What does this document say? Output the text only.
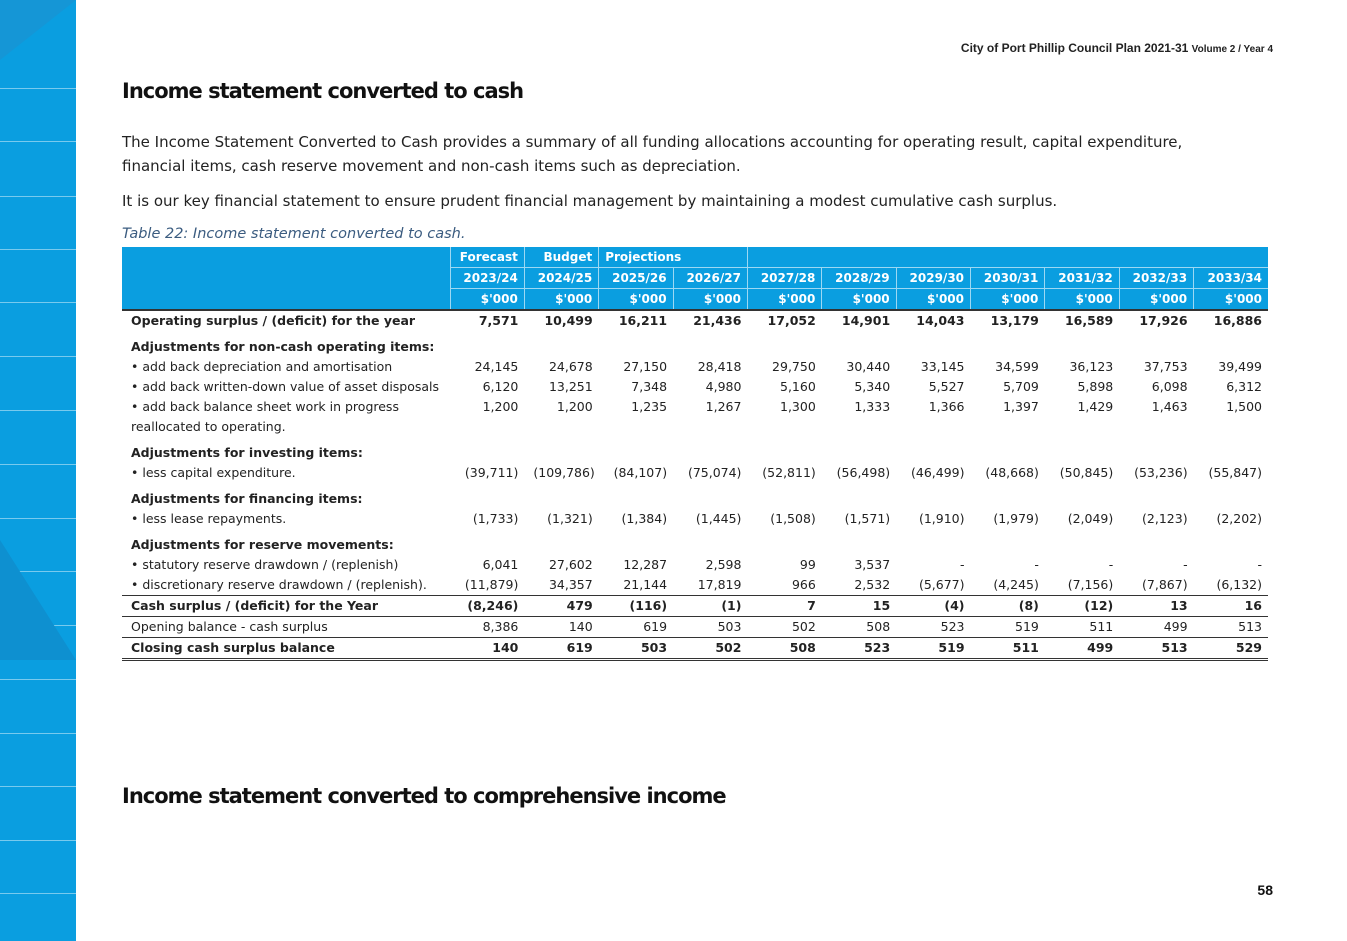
City of Port Phillip Council Plan 2021-31 Volume 2 / Year 4
Income statement converted to cash

The Income Statement Converted to Cash provides a summary of all funding allocations accounting for operating result, capital expenditure, financial items, cash reserve movement and non-cash items such as depreciation.

It is our key financial statement to ensure prudent financial management by maintaining a modest cumulative cash surplus.

Table 22: Income statement converted to cash.
	Forecast	Budget	Projections								
	2023/24	2024/25	2025/26	2026/27	2027/28	2028/29	2029/30	2030/31	2031/32	2032/33	2033/34
	$'000	$'000	$'000	$'000	$'000	$'000	$'000	$'000	$'000	$'000	$'000
Operating surplus / (deficit) for the year	7,571	10,499	16,211	21,436	17,052	14,901	14,043	13,179	16,589	17,926	16,886
Adjustments for non-cash operating items:											
• add back depreciation and amortisation	24,145	24,678	27,150	28,418	29,750	30,440	33,145	34,599	36,123	37,753	39,499
• add back written-down value of asset disposals	6,120	13,251	7,348	4,980	5,160	5,340	5,527	5,709	5,898	6,098	6,312
• add back balance sheet work in progress reallocated to operating.	1,200	1,200	1,235	1,267	1,300	1,333	1,366	1,397	1,429	1,463	1,500
Adjustments for investing items:											
• less capital expenditure.	(39,711)	(109,786)	(84,107)	(75,074)	(52,811)	(56,498)	(46,499)	(48,668)	(50,845)	(53,236)	(55,847)
Adjustments for financing items:											
• less lease repayments.	(1,733)	(1,321)	(1,384)	(1,445)	(1,508)	(1,571)	(1,910)	(1,979)	(2,049)	(2,123)	(2,202)
Adjustments for reserve movements:											
• statutory reserve drawdown / (replenish)	6,041	27,602	12,287	2,598	99	3,537	-	-	-	-	-
• discretionary reserve drawdown / (replenish).	(11,879)	34,357	21,144	17,819	966	2,532	(5,677)	(4,245)	(7,156)	(7,867)	(6,132)
Cash surplus / (deficit) for the Year	(8,246)	479	(116)	(1)	7	15	(4)	(8)	(12)	13	16
Opening balance - cash surplus	8,386	140	619	503	502	508	523	519	511	499	513
Closing cash surplus balance	140	619	503	502	508	523	519	511	499	513	529
Income statement converted to comprehensive income
58
